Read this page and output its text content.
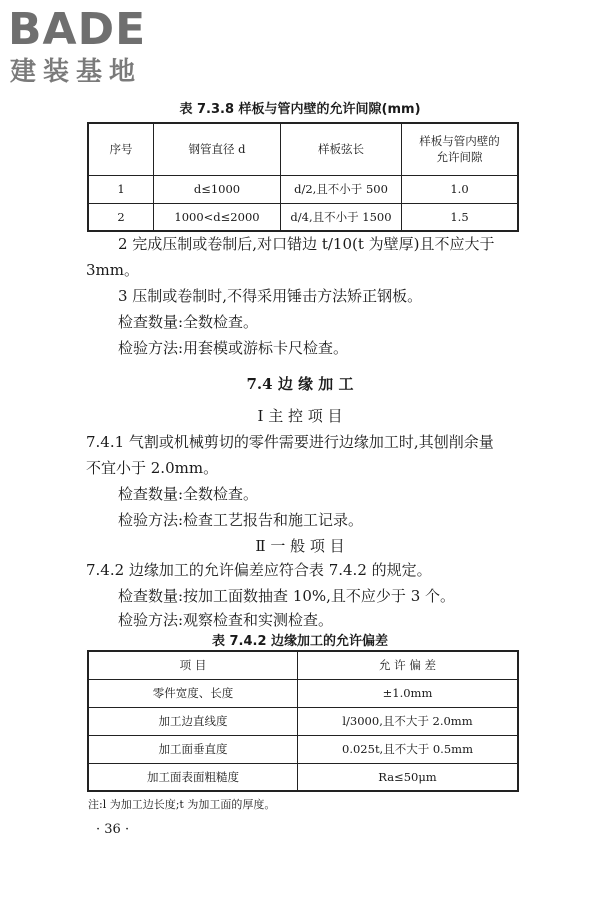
BADE
建装基地
表 7.3.8 样板与管内壁的允许间隙(mm)
序号	钢管直径 d	样板弦长	样板与管内壁的允许间隙
1	d≤1000	d/2,且不小于 500	1.0
2	1000<d≤2000	d/4,且不小于 1500	1.5
2 完成压制或卷制后,对口错边 t/10(t 为壁厚)且不应大于
3mm。
3 压制或卷制时,不得采用锤击方法矫正钢板。
检查数量:全数检查。
检验方法:用套模或游标卡尺检查。
7.4 边 缘 加 工
Ⅰ 主 控 项 目
7.4.1 气割或机械剪切的零件需要进行边缘加工时,其刨削余量
不宜小于 2.0mm。
检查数量:全数检查。
检验方法:检查工艺报告和施工记录。
Ⅱ 一 般 项 目
7.4.2 边缘加工的允许偏差应符合表 7.4.2 的规定。
检查数量:按加工面数抽查 10%,且不应少于 3 个。
检验方法:观察检查和实测检查。
表 7.4.2 边缘加工的允许偏差
项 目	允 许 偏 差
零件宽度、长度	±1.0mm
加工边直线度	l/3000,且不大于 2.0mm
加工面垂直度	0.025t,且不大于 0.5mm
加工面表面粗糙度	Ra≤50μm
注:l 为加工边长度;t 为加工面的厚度。
· 36 ·
